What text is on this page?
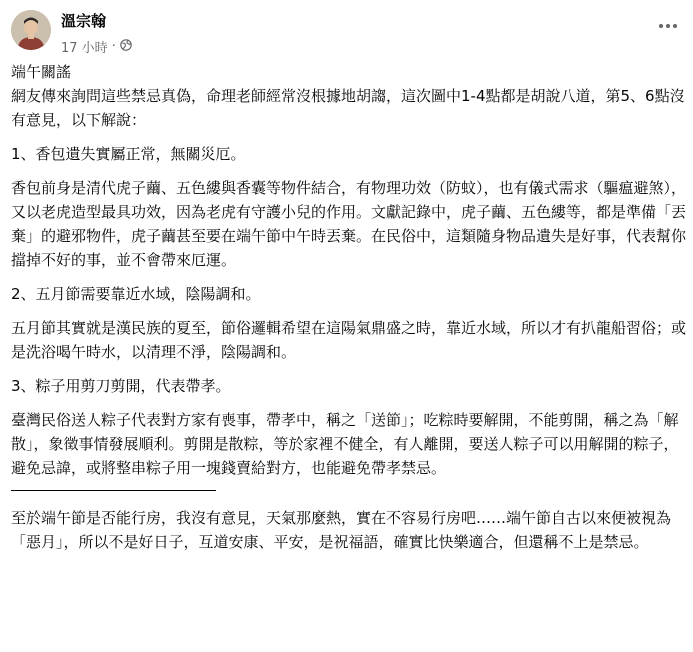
溫宗翰
17 小時 ·

端午關謠

網友傳來詢問這些禁忌真偽，命理老師經常沒根據地胡謅，這次圖中1-4點都是胡說八道，第5、6點沒有意見，以下解說：

1、香包遺失實屬正常，無關災厄。

香包前身是清代虎子繭、五色縷與香囊等物件結合，有物理功效（防蚊），也有儀式需求（驅瘟避煞），又以老虎造型最具功效，因為老虎有守護小兒的作用。文獻記錄中，虎子繭、五色縷等，都是準備「丟棄」的避邪物件，虎子繭甚至要在端午節中午時丟棄。在民俗中，這類隨身物品遺失是好事，代表幫你擋掉不好的事，並不會帶來厄運。

2、五月節需要靠近水域，陰陽調和。

五月節其實就是漢民族的夏至，節俗邏輯希望在這陽氣鼎盛之時，靠近水域，所以才有扒龍船習俗；或是洗浴喝午時水，以清理不淨，陰陽調和。

3、粽子用剪刀剪開，代表帶孝。

臺灣民俗送人粽子代表對方家有喪事，帶孝中，稱之「送節」；吃粽時要解開，不能剪開，稱之為「解散」，象徵事情發展順利。剪開是散粽，等於家裡不健全，有人離開，要送人粽子可以用解開的粽子，避免忌諱，或將整串粽子用一塊錢賣給對方，也能避免帶孝禁忌。

至於端午節是否能行房，我沒有意見，天氣那麼熱，實在不容易行房吧……端午節自古以來便被視為「惡月」，所以不是好日子，互道安康、平安，是祝福語，確實比快樂適合，但還稱不上是禁忌。
